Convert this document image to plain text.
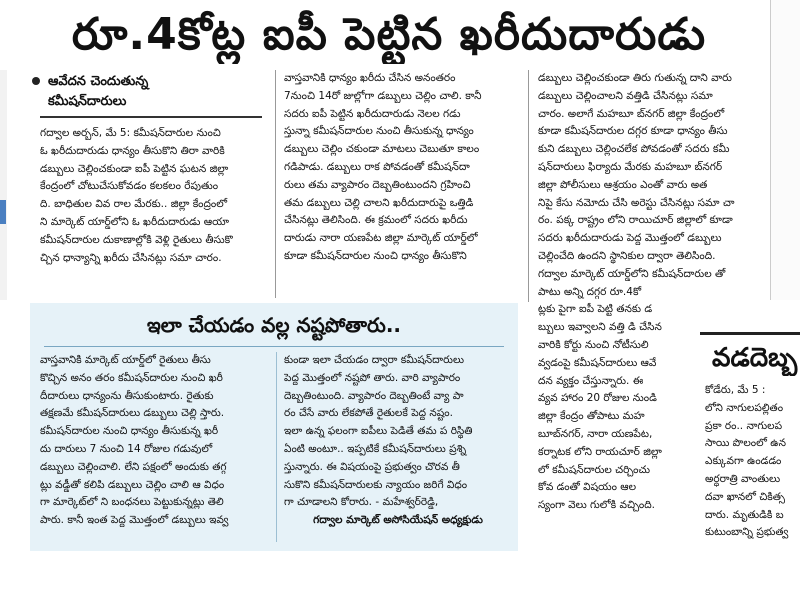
రూ.4కోట్ల ఐపీ పెట్టిన ఖరీదుదారుడు
ఆవేదన చెందుతున్న
కమీషన్‌దారులు
గద్వాల అర్బన్, మే 5: కమీషన్‌దారుల నుంచి
ఓ ఖరీదుదారుడు ధాన్యం తీసుకొని తిరా వారికి
డబ్బులు చెల్లించకుండా ఐపీ పెట్టిన ఘటన జిల్లా
కేంద్రంలో చోటుచేసుకోవడం కలకలం రేపుతుం
ది. బాధితుల వివ రాల మేరకు.. జిల్లా కేంద్రంలో
ని మార్కెట్ యార్డ్‌లోని ఓ ఖరీదుదారుడు ఆయా
కమీషన్‌దారుల దుకాణాల్లోకి వెళ్లి రైతులు తీసుకొ
చ్చిన ధాన్యాన్ని ఖరీదు చేసినట్లు సమా చారం.
వాస్తవానికి ధాన్యం ఖరీదు చేసిన అనంతరం
7నుంచి 14రో జుల్లోగా డబ్బులు చెల్లిం చాలి. కానీ
సదరు ఐపీ పెట్టిన ఖరీదుదారుడు నెలల గడు
స్తున్నా కమీషన్‌దారుల నుంచి తీసుకున్న ధాన్యం
డబ్బులు చెల్లిం చకుండా మాటలు చెబుతూ కాలం
గడిపాడు. డబ్బులు రాక పోవడంతో కమీషన్‌దా
రులు తమ వ్యాపారం దెబ్బతింటుందని గ్రహించి
తమ డబ్బులు చెల్లి చాలని ఖరీదుదారుపై ఒత్తిడి
చేసినట్లు తెలిసింది. ఈ క్రమంలో సదరు ఖరీదు
దారుడు నారా యణపేట జిల్లా మార్కెట్ యార్డ్‌లో
కూడా కమీషన్‌దారుల నుంచి ధాన్యం తీసుకొని
డబ్బులు చెల్లించకుండా తిరు గుతున్న దాని వారు
డబ్బులు చెల్లించాలని వత్తిడి చేసినట్లు సమా
చారం. అలాగే మహబూ బ్‌నగర్ జిల్లా కేంద్రంలో
కూడా కమీషన్‌దారుల దగ్గర కూడా ధాన్యం తీసు
కుని డబ్బులు చెల్లించలేక పోవడంతో సదరు కమీ
షన్‌దారులు ఫిర్యాదు మేరకు మహబూ బ్‌నగర్
జిల్లా పోలీసులు ఆశ్రయం ఎంతో వారు అత
నిపై కేసు నమోదు చేసి అరెస్టు చేసినట్లు సమా చా
రం. పక్క రాష్ట్రం లోని రాయిచూర్ జిల్లాలో కూడా
సదరు ఖరీదుదారుడు పెద్ద మొత్తంలో డబ్బులు
చెల్లించేది ఉందని స్థానికుల ద్వారా తెలిసింది.
గద్వాల మార్కెట్ యార్డ్‌లోని కమీషన్‌దారుల తో
పాటు అన్ని దగ్గర రూ.4కో
ట్లకు పైగా ఐపీ పెట్టి తనకు డ
బ్బులు ఇవ్వాలని వత్తి డి చేసిన
వారికి కోర్టు నుంచి నోటీసులి
వ్వడంపై కమీషన్‌దారులు ఆవే
దన వ్యక్తం చేస్తున్నారు. ఈ
వ్యవ హారం 20 రోజుల నుండి
జిల్లా కేంద్రం తోపాటు మహ
బూబ్‌నగర్, నారా యణపేట,
కర్నాటక లోని రాయచూర్ జిల్లా
లో కమీషన్‌దారుల చర్చించు
కోవ డంతో విషయం ఆల
స్యంగా వెలు గులోకి వచ్చింది.
ఇలా చేయడం వల్ల నష్టపోతారు..
వాస్తవానికి మార్కెట్ యార్డ్‌లో రైతులు తీసు
కొచ్చిన అనం తరం కమీషన్‌దారుల నుంచి ఖరీ
దీదారులు ధాన్యంను తీసుకుంటారు. రైతుకు
తక్షణమే కమీషన్‌దారులు డబ్బులు చెల్లి స్తారు.
కమీషన్‌దారుల నుంచి ధాన్యం తీసుకున్న ఖరీ
దు దారులు 7 నుంచి 14 రోజుల గడువులో
డబ్బులు చెల్లించాలి. లేని పక్షంలో అందుకు తగ్గ
ట్లు వడ్డీతో కలిపి డబ్బులు చెల్లిం చాలి ఆ విధం
గా మార్కెట్‌లో ని బంధనలు పెట్టుకున్నట్లు తెలి
పారు. కానీ ఇంత పెద్ద మొత్తంలో డబ్బులు ఇవ్వ
కుండా ఇలా చేయడం ద్వారా కమీషన్‌దారులు
పెద్ద మొత్తంలో నష్టపో తారు. వారి వ్యాపారం
దెబ్బతింటుంది. వ్యాపారం దెబ్బతింటే వ్యా పా
రం చేసే వారు లేకపోతే రైతులకే పెద్ద నష్టం.
ఇలా ఉన్న ఫలంగా ఐపీలు పెడితే తమ ప రిస్థితి
ఏంటి అంటూ.. ఇప్పటికే కమీషన్‌దారులు ప్రశ్ని
స్తున్నారు. ఈ విషయంపై ప్రభుత్వం చొరవ తీ
సుకొని కమీషన్‌దారులకు న్యాయం జరిగే విధం
గా చూడాలని కోరారు. - మహేశ్వర్‌రెడ్డి,
గద్వాల మార్కెట్ అసోసియేషన్ అధ్యక్షుడు
వడదెబ్బ
కోడేరు, మే 5 :
లోని నాగులపల్లితం
ప్రకా రం.. నాగులప
సాయి పొలంలో ఉన
ఎక్కువగా ఉండడం
అర్ధరాత్రి వాంతులు
దవా ఖానలో చికిత్స
దారు. మృతుడికి బ
కుటుంబాన్ని ప్రభుత్వ
